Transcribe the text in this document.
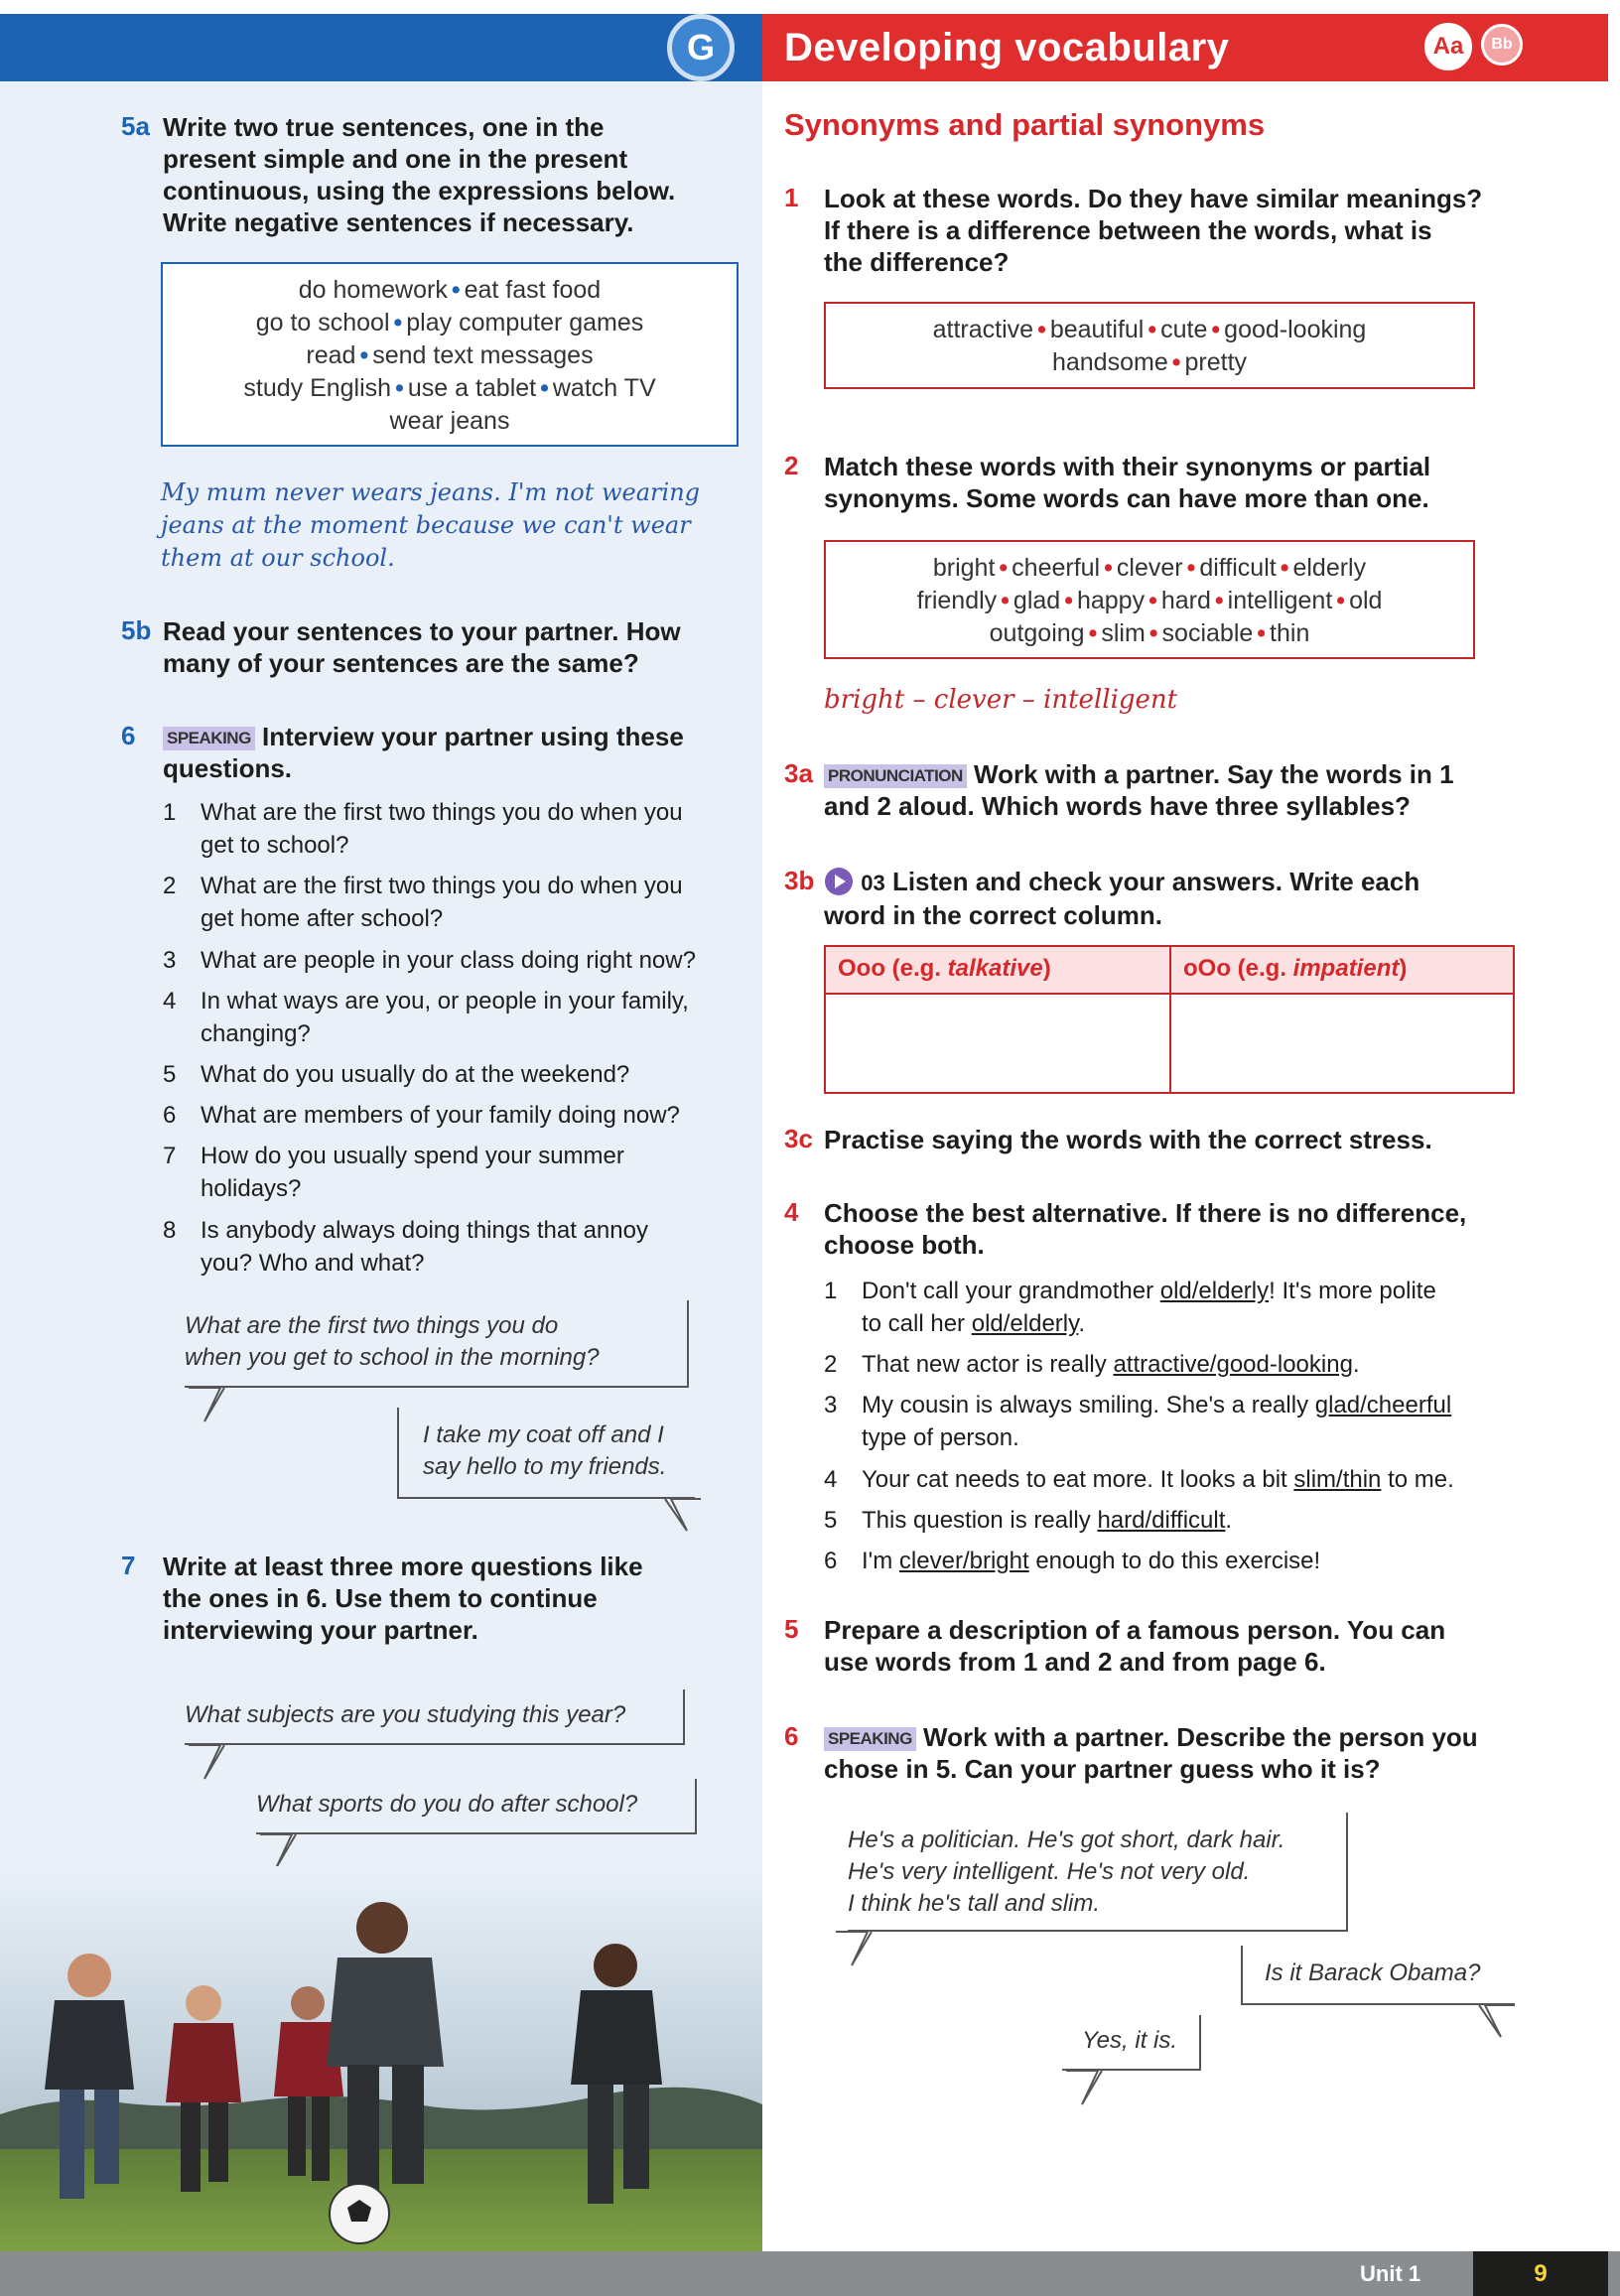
G	Developing vocabulary	Aa	Bb
5a Write two true sentences, one in the
present simple and one in the present
continuous, using the expressions below.
Write negative sentences if necessary.
do homework • eat fast food
go to school • play computer games
read • send text messages
study English • use a tablet • watch TV
wear jeans
My mum never wears jeans. I'm not wearing
jeans at the moment because we can't wear
them at our school.
5b Read your sentences to your partner. How
many of your sentences are the same?
6 SPEAKING Interview your partner using these
questions.
1 What are the first two things you do when you
get to school?
2 What are the first two things you do when you
get home after school?
3 What are people in your class doing right now?
4 In what ways are you, or people in your family,
changing?
5 What do you usually do at the weekend?
6 What are members of your family doing now?
7 How do you usually spend your summer
holidays?
8 Is anybody always doing things that annoy
you? Who and what?
What are the first two things you do
when you get to school in the morning?
I take my coat off and I
say hello to my friends.
7 Write at least three more questions like
the ones in 6. Use them to continue
interviewing your partner.
What subjects are you studying this year?
What sports do you do after school?
Synonyms and partial synonyms
1 Look at these words. Do they have similar meanings?
If there is a difference between the words, what is
the difference?
attractive • beautiful • cute • good-looking
handsome • pretty
2 Match these words with their synonyms or partial
synonyms. Some words can have more than one.
bright • cheerful • clever • difficult • elderly
friendly • glad • happy • hard • intelligent • old
outgoing • slim • sociable • thin
bright – clever – intelligent
3a PRONUNCIATION Work with a partner. Say the words in 1
and 2 aloud. Which words have three syllables?
3b	03 Listen and check your answers. Write each
word in the correct column.
Ooo (e.g. talkative)	oOo (e.g. impatient)
3c Practise saying the words with the correct stress.
4 Choose the best alternative. If there is no difference,
choose both.
1 Don't call your grandmother old/elderly! It's more polite
to call her old/elderly.
2 That new actor is really attractive/good-looking.
3 My cousin is always smiling. She's a really glad/cheerful
type of person.
4 Your cat needs to eat more. It looks a bit slim/thin to me.
5 This question is really hard/difficult.
6 I'm clever/bright enough to do this exercise!
5 Prepare a description of a famous person. You can
use words from 1 and 2 and from page 6.
6 SPEAKING Work with a partner. Describe the person you
chose in 5. Can your partner guess who it is?
He's a politician. He's got short, dark hair.
He's very intelligent. He's not very old.
I think he's tall and slim.
Is it Barack Obama?
Yes, it is.
Unit 1	9
